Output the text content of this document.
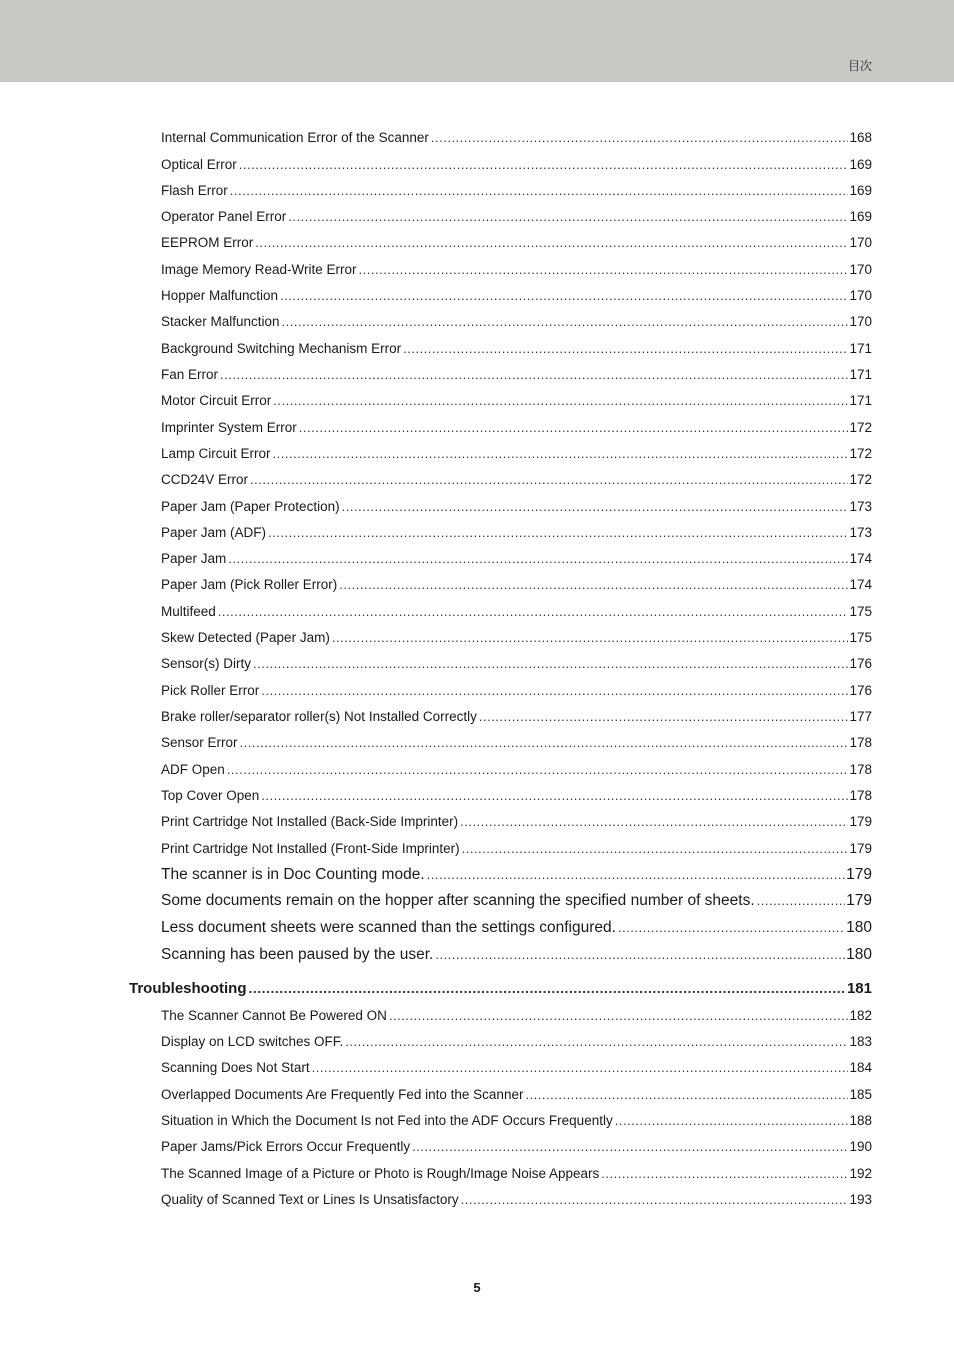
目次
Internal Communication Error of the Scanner .....	168
Optical Error .....	169
Flash Error .....	169
Operator Panel Error .....	169
EEPROM Error .....	170
Image Memory Read-Write Error .....	170
Hopper Malfunction .....	170
Stacker Malfunction .....	170
Background Switching Mechanism Error .....	171
Fan Error .....	171
Motor Circuit Error .....	171
Imprinter System Error .....	172
Lamp Circuit Error .....	172
CCD24V Error .....	172
Paper Jam (Paper Protection) .....	173
Paper Jam (ADF) .....	173
Paper Jam .....	174
Paper Jam (Pick Roller Error) .....	174
Multifeed .....	175
Skew Detected (Paper Jam) .....	175
Sensor(s) Dirty .....	176
Pick Roller Error .....	176
Brake roller/separator roller(s) Not Installed Correctly .....	177
Sensor Error .....	178
ADF Open .....	178
Top Cover Open .....	178
Print Cartridge Not Installed (Back-Side Imprinter) .....	179
Print Cartridge Not Installed (Front-Side Imprinter) .....	179
The scanner is in Doc Counting mode. .....	179
Some documents remain on the hopper after scanning the specified number of sheets. .....	179
Less document sheets were scanned than the settings configured. .....	180
Scanning has been paused by the user. .....	180
Troubleshooting .....	181
The Scanner Cannot Be Powered ON .....	182
Display on LCD switches OFF. .....	183
Scanning Does Not Start .....	184
Overlapped Documents Are Frequently Fed into the Scanner .....	185
Situation in Which the Document Is not Fed into the ADF Occurs Frequently .....	188
Paper Jams/Pick Errors Occur Frequently .....	190
The Scanned Image of a Picture or Photo is Rough/Image Noise Appears .....	192
Quality of Scanned Text or Lines Is Unsatisfactory .....	193
5
